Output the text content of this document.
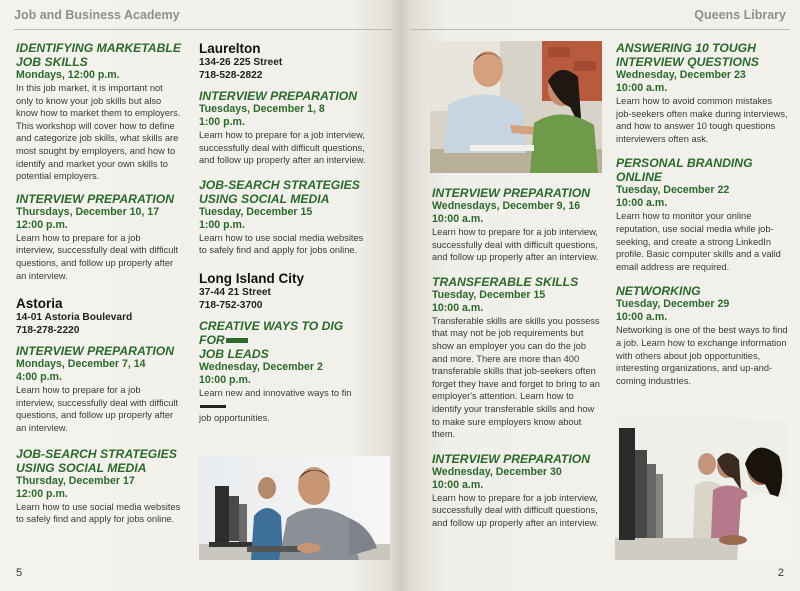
Job and Business Academy
IDENTIFYING MARKETABLE JOB SKILLS
Mondays, 12:00 p.m.
In this job market, it is important not only to know your job skills but also know how to market them to employers. This workshop will cover how to define and categorize job skills, what skills are most sought by employers, and how to identify and market your own skills to potential employers.
INTERVIEW PREPARATION
Thursdays, December 10, 17
12:00 p.m.
Learn how to prepare for a job interview, successfully deal with difficult questions, and follow up properly after an interview.
Astoria
14-01 Astoria Boulevard
718-278-2220
INTERVIEW PREPARATION
Mondays, December 7, 14
4:00 p.m.
Learn how to prepare for a job interview, successfully deal with difficult questions, and follow up properly after an interview.
JOB-SEARCH STRATEGIES USING SOCIAL MEDIA
Thursday, December 17
12:00 p.m.
Learn how to use social media websites to safely find and apply for jobs online.
Laurelton
134-26 225 Street
718-528-2822
INTERVIEW PREPARATION
Tuesdays, December 1, 8
1:00 p.m.
Learn how to prepare for a job interview, successfully deal with difficult questions, and follow up properly after an interview.
JOB-SEARCH STRATEGIES USING SOCIAL MEDIA
Tuesday, December 15
1:00 p.m.
Learn how to use social media websites to safely find and apply for jobs online.
Long Island City
37-44 21 Street
718-752-3700
CREATIVE WAYS TO DIG FOR
JOB LEADS
Wednesday, December 2
10:00 p.m.
Learn new and innovative ways to fin
job opportunities.
5
Queens Library
INTERVIEW PREPARATION
Wednesdays, December 9, 16
10:00 a.m.
Learn how to prepare for a job interview, successfully deal with difficult questions, and follow up properly after an interview.
TRANSFERABLE SKILLS
Tuesday, December 15
10:00 a.m.
Transferable skills are skills you possess that may not be job requirements but show an employer you can do the job and more. There are more than 400 transferable skills that job-seekers often forget they have and forget to bring to an employer's attention. Learn how to identify your transferable skills and how to make sure employers know about them.
INTERVIEW PREPARATION
Wednesday, December 30
10:00 a.m.
Learn how to prepare for a job interview, successfully deal with difficult questions, and follow up properly after an interview.
ANSWERING 10 TOUGH INTERVIEW QUESTIONS
Wednesday, December 23
10:00 a.m.
Learn how to avoid common mistakes job-seekers often make during interviews, and how to answer 10 tough questions interviewers often ask.
PERSONAL BRANDING ONLINE
Tuesday, December 22
10:00 a.m.
Learn how to monitor your online reputation, use social media while job-seeking, and create a strong LinkedIn profile. Basic computer skills and a valid email address are required.
NETWORKING
Tuesday, December 29
10:00 a.m.
Networking is one of the best ways to find a job. Learn how to exchange information with others about job opportunities, interesting organizations, and up-and-coming industries.
2
